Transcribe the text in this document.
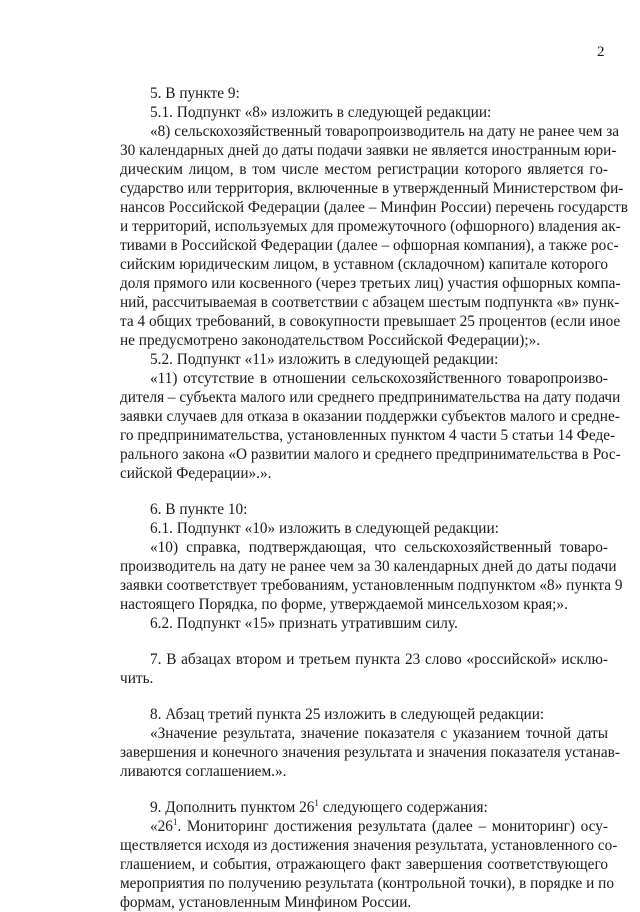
2
5. В пункте 9:
5.1. Подпункт «8» изложить в следующей редакции:
«8) сельскохозяйственный товаропроизводитель на дату не ранее чем за
30 календарных дней до даты подачи заявки не является иностранным юри-
дическим лицом, в том числе местом регистрации которого является го-
сударство или территория, включенные в утвержденный Министерством фи-
нансов Российской Федерации (далее – Минфин России) перечень государств
и территорий, используемых для промежуточного (офшорного) владения ак-
тивами в Российской Федерации (далее – офшорная компания), а также рос-
сийским юридическим лицом, в уставном (складочном) капитале которого
доля прямого или косвенного (через третьих лиц) участия офшорных компа-
ний, рассчитываемая в соответствии с абзацем шестым подпункта «в» пунк-
та 4 общих требований, в совокупности превышает 25 процентов (если иное
не предусмотрено законодательством Российской Федерации);».
5.2. Подпункт «11» изложить в следующей редакции:
«11) отсутствие в отношении сельскохозяйственного товаропроизво-
дителя – субъекта малого или среднего предпринимательства на дату подачи
заявки случаев для отказа в оказании поддержки субъектов малого и средне-
го предпринимательства, установленных пунктом 4 части 5 статьи 14 Феде-
рального закона «О развитии малого и среднего предпринимательства в Рос-
сийской Федерации».».
6. В пункте 10:
6.1. Подпункт «10» изложить в следующей редакции:
«10) справка, подтверждающая, что сельскохозяйственный товаро-
производитель на дату не ранее чем за 30 календарных дней до даты подачи
заявки соответствует требованиям, установленным подпунктом «8» пункта 9
настоящего Порядка, по форме, утверждаемой минсельхозом края;».
6.2. Подпункт «15» признать утратившим силу.
7. В абзацах втором и третьем пункта 23 слово «российской» исклю-
чить.
8. Абзац третий пункта 25 изложить в следующей редакции:
«Значение результата, значение показателя с указанием точной даты
завершения и конечного значения результата и значения показателя устанав-
ливаются соглашением.».
9. Дополнить пунктом $26^1$ следующего содержания:
«$26^1$. Мониторинг достижения результата (далее – мониторинг) осу-
ществляется исходя из достижения значения результата, установленного со-
глашением, и события, отражающего факт завершения соответствующего
мероприятия по получению результата (контрольной точки), в порядке и по
формам, установленным Минфином России.
